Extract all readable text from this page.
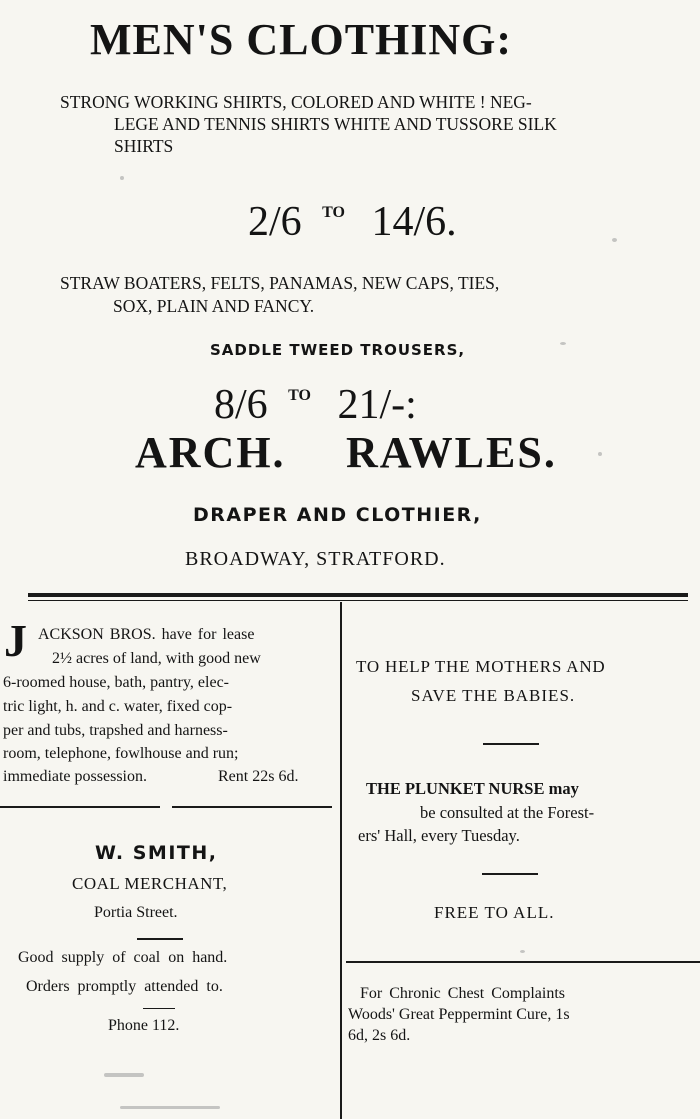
MEN'S CLOTHING:
STRONG WORKING SHIRTS, COLORED AND WHITE ! NEG-
LEGE AND TENNIS SHIRTS WHITE AND TUSSORE SILK
SHIRTS
2/6 $^{TO}$ 14/6.
STRAW BOATERS, FELTS, PANAMAS, NEW CAPS, TIES,
SOX, PLAIN AND FANCY.
SADDLE TWEED TROUSERS,
8/6 $^{TO}$ 21/-:
ARCH. RAWLES.
DRAPER AND CLOTHIER,
BROADWAY, STRATFORD.
J ACKSON BROS. have for lease
2½ acres of land, with good new
6-roomed house, bath, pantry, elec-
tric light, h. and c. water, fixed cop-
per and tubs, trapshed and harness-
room, telephone, fowlhouse and run;
immediate possession.	Rent 22s 6d.
W. SMITH,
COAL MERCHANT,
Portia Street.
Good supply of coal on hand.
Orders promptly attended to.
Phone 112.
TO HELP THE MOTHERS AND
SAVE THE BABIES.
THE PLUNKET NURSE may
be consulted at the Forest-
ers' Hall, every Tuesday.
FREE TO ALL.
For Chronic Chest Complaints
Woods' Great Peppermint Cure, 1s
6d, 2s 6d.
